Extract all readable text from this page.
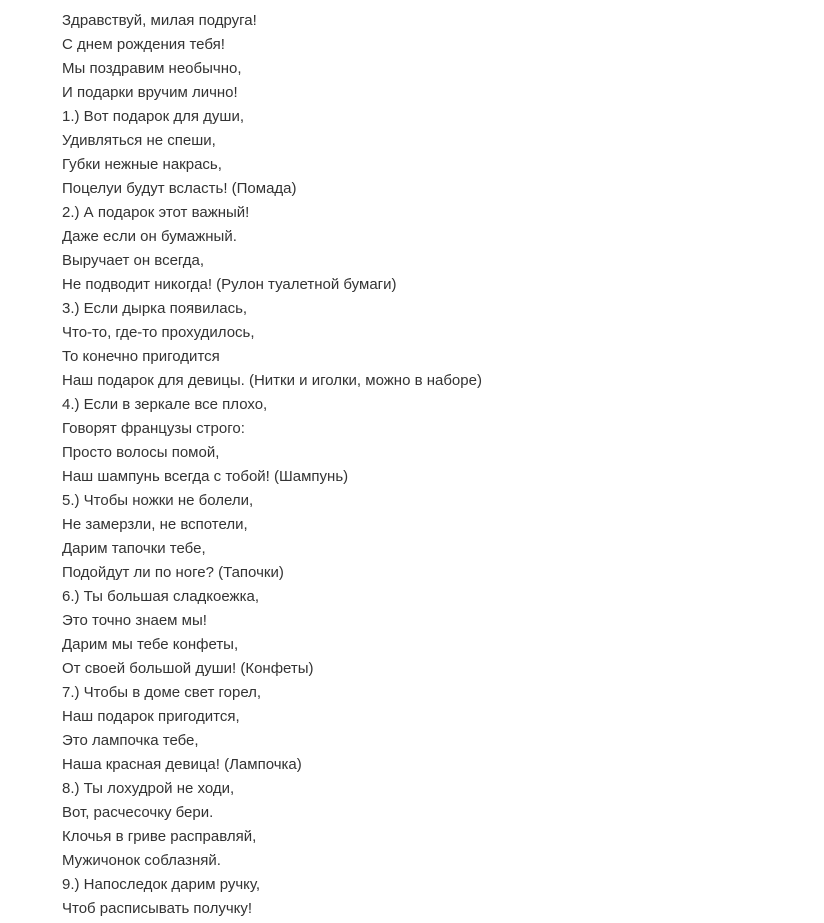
Здравствуй, милая подруга!
С днем рождения тебя!
Мы поздравим необычно,
И подарки вручим лично!
1.) Вот подарок для души,
Удивляться не спеши,
Губки нежные накрась,
Поцелуи будут всласть! (Помада)
2.) А подарок этот важный!
Даже если он бумажный.
Выручает он всегда,
Не подводит никогда! (Рулон туалетной бумаги)
3.) Если дырка появилась,
Что-то, где-то прохудилось,
То конечно пригодится
Наш подарок для девицы. (Нитки и иголки, можно в наборе)
4.) Если в зеркале все плохо,
Говорят французы строго:
Просто волосы помой,
Наш шампунь всегда с тобой! (Шампунь)
5.) Чтобы ножки не болели,
Не замерзли, не вспотели,
Дарим тапочки тебе,
Подойдут ли по ноге? (Тапочки)
6.) Ты большая сладкоежка,
Это точно знаем мы!
Дарим мы тебе конфеты,
От своей большой души! (Конфеты)
7.) Чтобы в доме свет горел,
Наш подарок пригодится,
Это лампочка тебе,
Наша красная девица! (Лампочка)
8.) Ты лохудрой не ходи,
Вот, расчесочку бери.
Клочья в гриве расправляй,
Мужичонок соблазняй.
9.) Напоследок дарим ручку,
Чтоб расписывать получку!
